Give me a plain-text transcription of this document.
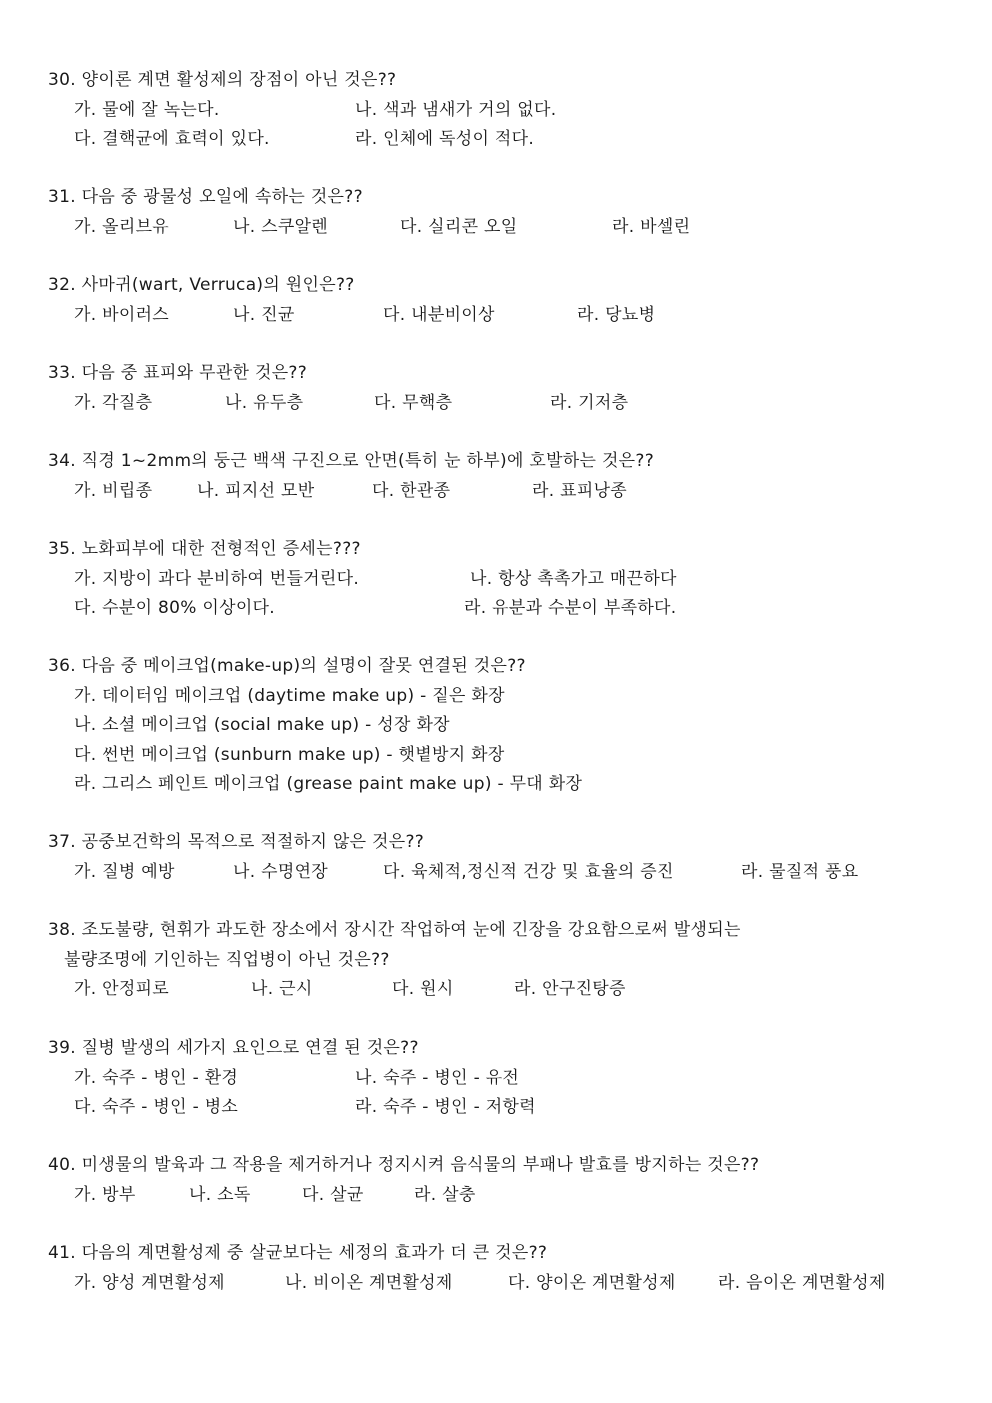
30. 양이론 계면 활성제의 장점이 아닌 것은??
가. 물에 잘 녹는다.	나. 색과 냄새가 거의 없다.
다. 결핵균에 효력이 있다.	라. 인체에 독성이 적다.
31. 다음 중 광물성 오일에 속하는 것은??
가. 올리브유	나. 스쿠알렌	다. 실리콘 오일	라. 바셀린
32. 사마귀(wart, Verruca)의 원인은??
가. 바이러스	나. 진균	다. 내분비이상	라. 당뇨병
33. 다음 중 표피와 무관한 것은??
가. 각질층	나. 유두층	다. 무핵층	라. 기저층
34. 직경 1~2mm의 둥근 백색 구진으로 안면(특히 눈 하부)에 호발하는 것은??
가. 비립종	나. 피지선 모반	다. 한관종	라. 표피낭종
35. 노화피부에 대한 전형적인 증세는???
가. 지방이 과다 분비하여 번들거린다.	나. 항상 촉촉가고 매끈하다
다. 수분이 80% 이상이다.	라. 유분과 수분이 부족하다.
36. 다음 중 메이크업(make-up)의 설명이 잘못 연결된 것은??
가. 데이터임 메이크업 (daytime make up) - 짙은 화장
나. 소셜 메이크업 (social make up) - 성장 화장
다. 썬번 메이크업 (sunburn make up) - 햇볕방지 화장
라. 그리스 페인트 메이크업 (grease paint make up) - 무대 화장
37. 공중보건학의 목적으로 적절하지 않은 것은??
가. 질병 예방	나. 수명연장	다. 육체적,정신적 건강 및 효율의 증진	라. 물질적 풍요
38. 조도불량, 현휘가 과도한 장소에서 장시간 작업하여 눈에 긴장을 강요함으로써 발생되는
불량조명에 기인하는 직업병이 아닌 것은??
가. 안정피로	나. 근시	다. 원시	라. 안구진탕증
39. 질병 발생의 세가지 요인으로 연결 된 것은??
가. 숙주 - 병인 - 환경	나. 숙주 - 병인 - 유전
다. 숙주 - 병인 - 병소	라. 숙주 - 병인 - 저항력
40. 미생물의 발육과 그 작용을 제거하거나 정지시켜 음식물의 부패나 발효를 방지하는 것은??
가. 방부	나. 소독	다. 살균	라. 살충
41. 다음의 계면활성제 중 살균보다는 세정의 효과가 더 큰 것은??
가. 양성 계면활성제	나. 비이온 계면활성제	다. 양이온 계면활성제 라. 음이온 계면활성제
